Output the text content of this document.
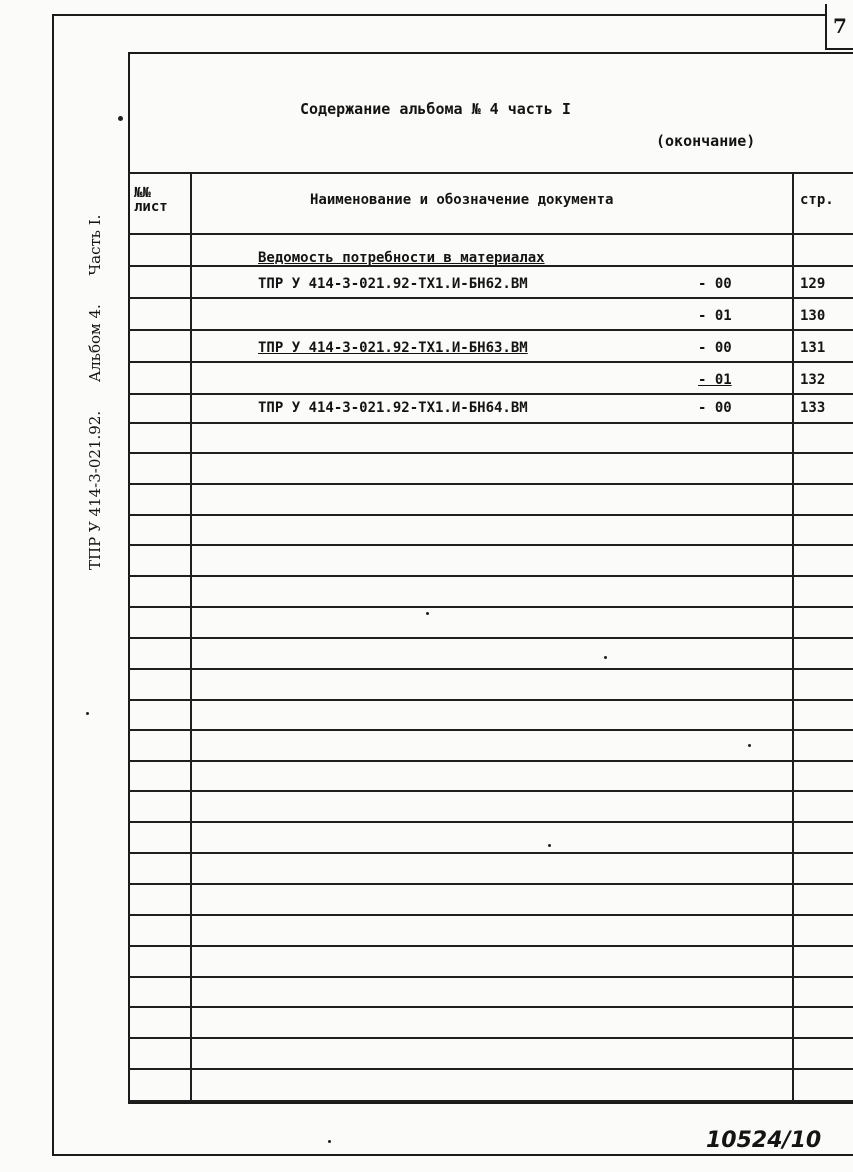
7
ТПР У 414-3-021.92. Альбом 4. Часть I.
Содержание альбома № 4 часть I
(окончание)
№№ лист	Наименование и обозначение документа	стр.
Ведомость потребности в материалах
ТПР У 414-3-021.92-ТХ1.И-БН62.ВМ	- 00	129
- 01	130
ТПР У 414-3-021.92-ТХ1.И-БН63.ВМ	- 00	131
- 01	132
ТПР У 414-3-021.92-ТХ1.И-БН64.ВМ	- 00	133
10524/10
